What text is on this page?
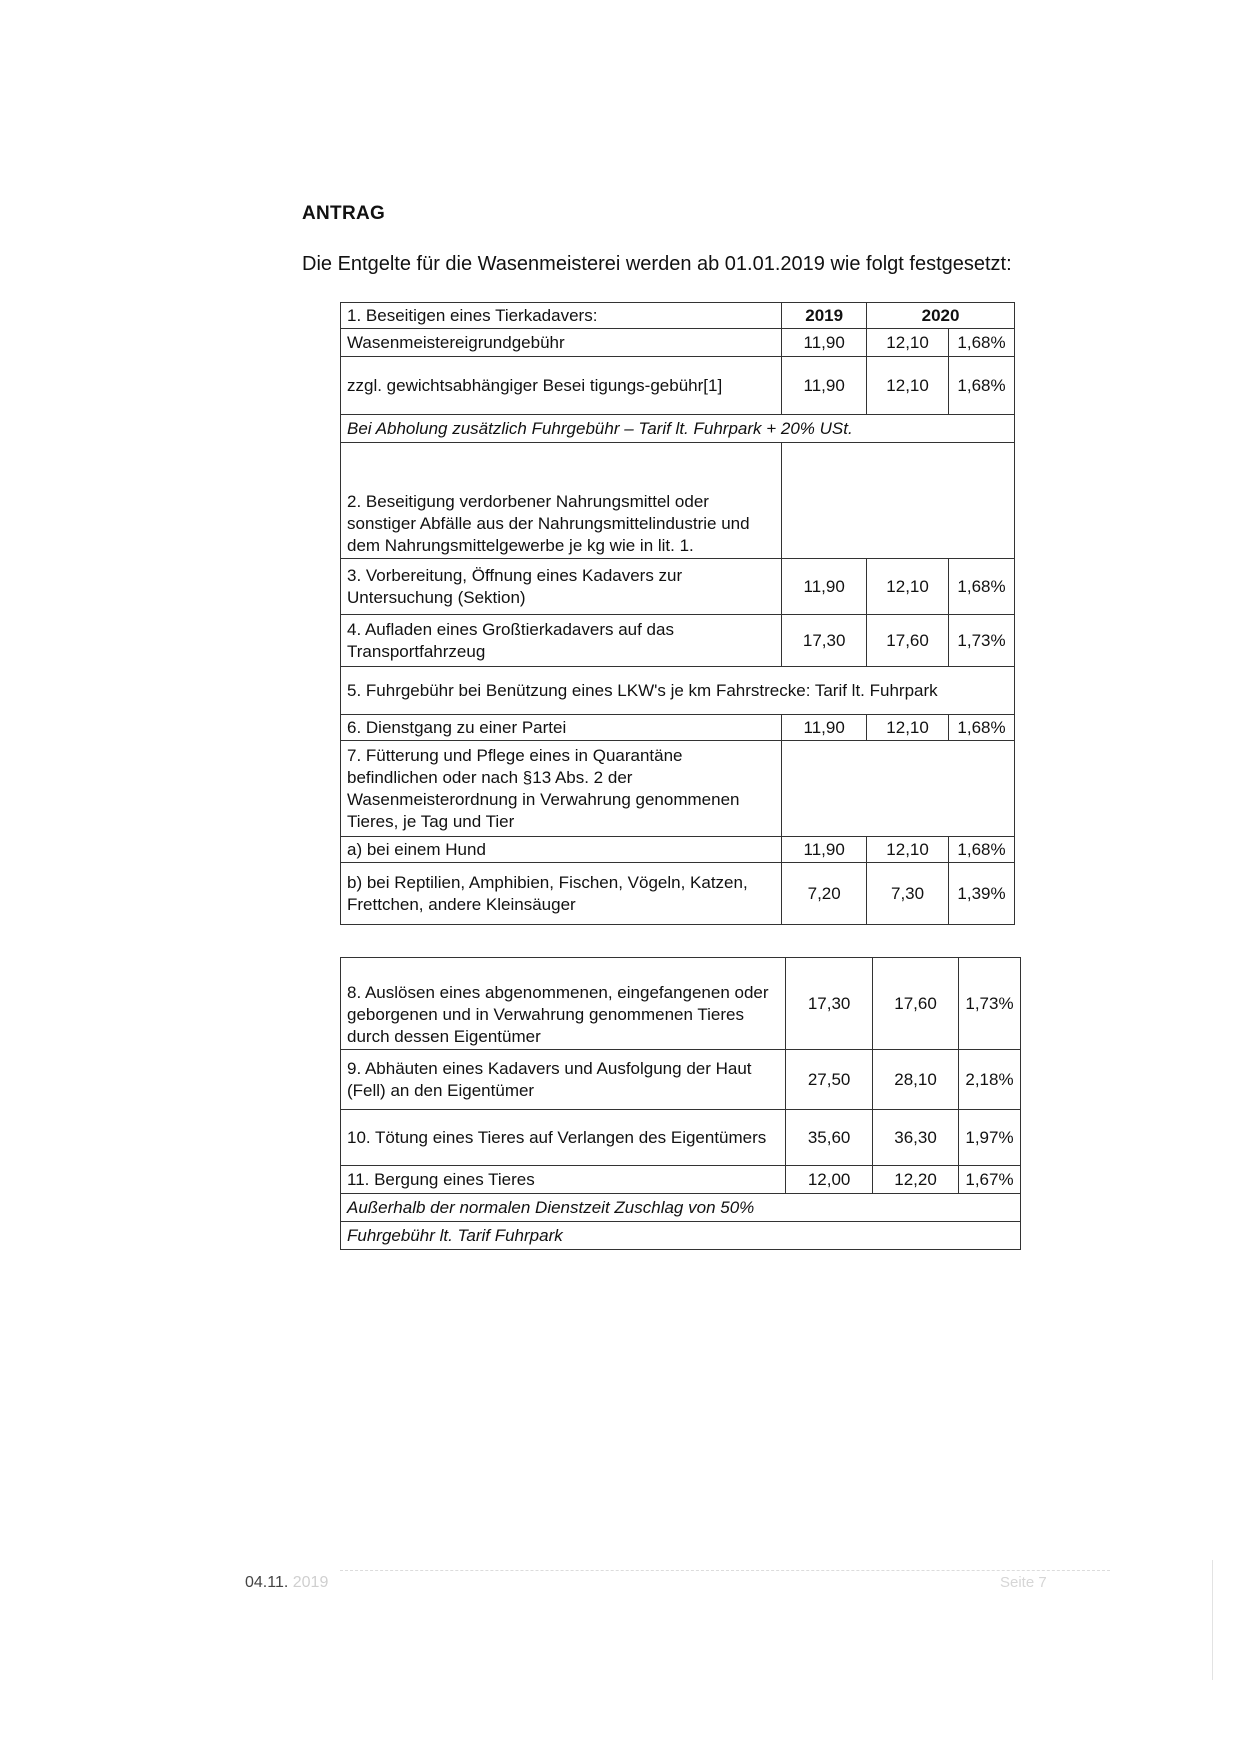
ANTRAG
Die Entgelte für die Wasenmeisterei werden ab 01.01.2019 wie folgt festgesetzt:
1. Beseitigen eines Tierkadavers:	2019	2020	
Wasenmeistereigrundgebühr	11,90	12,10	1,68%
zzgl. gewichtsabhängiger Besei tigungs-gebühr[1]	11,90	12,10	1,68%
Bei Abholung zusätzlich Fuhrgebühr – Tarif lt. Fuhrpark + 20% USt.			
2. Beseitigung verdorbener Nahrungsmittel oder sonstiger Abfälle aus der Nahrungsmittelindustrie und dem Nahrungsmittelgewerbe je kg wie in lit. 1.			
3. Vorbereitung, Öffnung eines Kadavers zur Untersuchung (Sektion)	11,90	12,10	1,68%
4. Aufladen eines Großtierkadavers auf das Transportfahrzeug	17,30	17,60	1,73%
5. Fuhrgebühr bei Benützung eines LKW's je km Fahrstrecke: Tarif lt. Fuhrpark			
6. Dienstgang zu einer Partei	11,90	12,10	1,68%
7. Fütterung und Pflege eines in Quarantäne befindlichen oder nach §13 Abs. 2 der Wasenmeisterordnung in Verwahrung genommenen Tieres, je Tag und Tier			
a) bei einem Hund	11,90	12,10	1,68%
b) bei Reptilien, Amphibien, Fischen, Vögeln, Katzen, Frettchen, andere Kleinsäuger	7,20	7,30	1,39%
8. Auslösen eines abgenommenen, eingefangenen oder geborgenen und in Verwahrung genommenen Tieres durch dessen Eigentümer	17,30	17,60	1,73%
9. Abhäuten eines Kadavers und Ausfolgung der Haut (Fell) an den Eigentümer	27,50	28,10	2,18%
10. Tötung eines Tieres auf Verlangen des Eigentümers	35,60	36,30	1,97%
11. Bergung eines Tieres	12,00	12,20	1,67%
Außerhalb der normalen Dienstzeit Zuschlag von 50%			
Fuhrgebühr lt. Tarif Fuhrpark			
04.11. 2019	Seite 7
